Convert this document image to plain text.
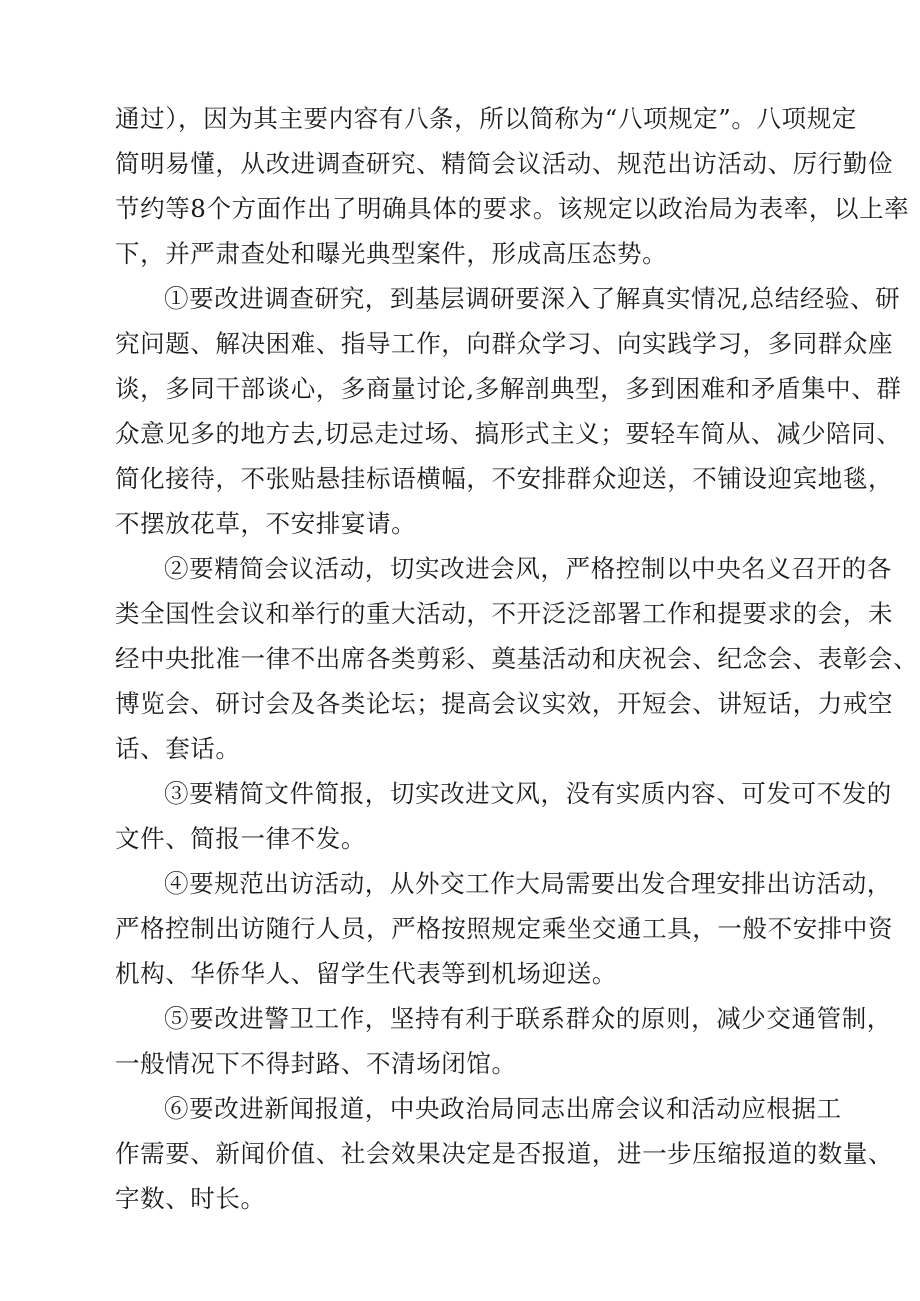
通过），因为其主要内容有八条，所以简称为“八项规定”。八项规定
简明易懂，从改进调查研究、精简会议活动、规范出访活动、厉行勤俭
节约等8个方面作出了明确具体的要求。该规定以政治局为表率，以上率
下，并严肃查处和曝光典型案件，形成高压态势。
①要改进调查研究，到基层调研要深入了解真实情况,总结经验、研
究问题、解决困难、指导工作，向群众学习、向实践学习，多同群众座
谈，多同干部谈心，多商量讨论,多解剖典型，多到困难和矛盾集中、群
众意见多的地方去,切忌走过场、搞形式主义；要轻车简从、减少陪同、
简化接待，不张贴悬挂标语横幅，不安排群众迎送，不铺设迎宾地毯，
不摆放花草，不安排宴请。
②要精简会议活动，切实改进会风，严格控制以中央名义召开的各
类全国性会议和举行的重大活动，不开泛泛部署工作和提要求的会，未
经中央批准一律不出席各类剪彩、奠基活动和庆祝会、纪念会、表彰会、
博览会、研讨会及各类论坛；提高会议实效，开短会、讲短话，力戒空
话、套话。
③要精简文件简报，切实改进文风，没有实质内容、可发可不发的
文件、简报一律不发。
④要规范出访活动，从外交工作大局需要出发合理安排出访活动，
严格控制出访随行人员，严格按照规定乘坐交通工具，一般不安排中资
机构、华侨华人、留学生代表等到机场迎送。
⑤要改进警卫工作，坚持有利于联系群众的原则，减少交通管制，
一般情况下不得封路、不清场闭馆。
⑥要改进新闻报道，中央政治局同志出席会议和活动应根据工
作需要、新闻价值、社会效果决定是否报道，进一步压缩报道的数量、
字数、时长。
